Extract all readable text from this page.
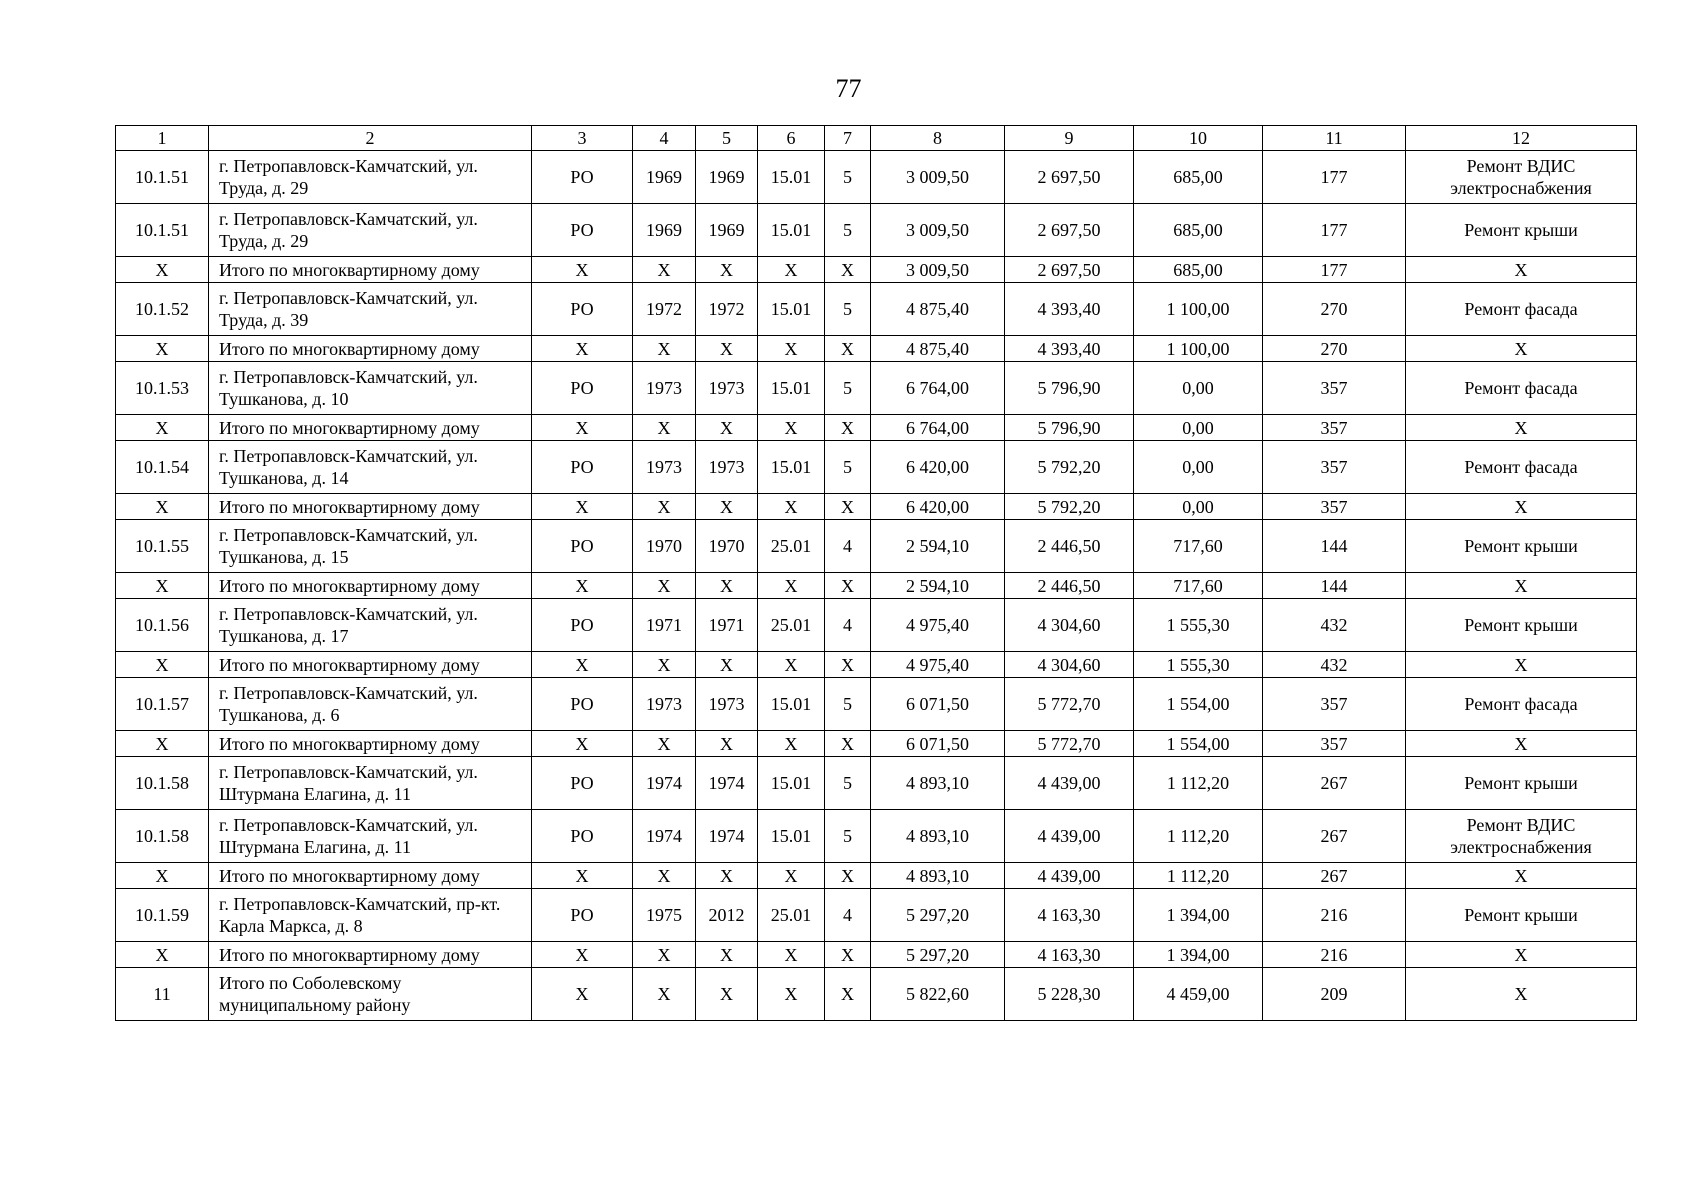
77
1	2	3	4	5	6	7	8	9	10	11	12
10.1.51	г. Петропавловск-Камчатский, ул. Труда, д. 29	РО	1969	1969	15.01	5	3 009,50	2 697,50	685,00	177	Ремонт ВДИС электроснабжения
10.1.51	г. Петропавловск-Камчатский, ул. Труда, д. 29	РО	1969	1969	15.01	5	3 009,50	2 697,50	685,00	177	Ремонт крыши
Х	Итого по многоквартирному дому	Х	Х	Х	Х	Х	3 009,50	2 697,50	685,00	177	Х
10.1.52	г. Петропавловск-Камчатский, ул. Труда, д. 39	РО	1972	1972	15.01	5	4 875,40	4 393,40	1 100,00	270	Ремонт фасада
Х	Итого по многоквартирному дому	Х	Х	Х	Х	Х	4 875,40	4 393,40	1 100,00	270	Х
10.1.53	г. Петропавловск-Камчатский, ул. Тушканова, д. 10	РО	1973	1973	15.01	5	6 764,00	5 796,90	0,00	357	Ремонт фасада
Х	Итого по многоквартирному дому	Х	Х	Х	Х	Х	6 764,00	5 796,90	0,00	357	Х
10.1.54	г. Петропавловск-Камчатский, ул. Тушканова, д. 14	РО	1973	1973	15.01	5	6 420,00	5 792,20	0,00	357	Ремонт фасада
Х	Итого по многоквартирному дому	Х	Х	Х	Х	Х	6 420,00	5 792,20	0,00	357	Х
10.1.55	г. Петропавловск-Камчатский, ул. Тушканова, д. 15	РО	1970	1970	25.01	4	2 594,10	2 446,50	717,60	144	Ремонт крыши
Х	Итого по многоквартирному дому	Х	Х	Х	Х	Х	2 594,10	2 446,50	717,60	144	Х
10.1.56	г. Петропавловск-Камчатский, ул. Тушканова, д. 17	РО	1971	1971	25.01	4	4 975,40	4 304,60	1 555,30	432	Ремонт крыши
Х	Итого по многоквартирному дому	Х	Х	Х	Х	Х	4 975,40	4 304,60	1 555,30	432	Х
10.1.57	г. Петропавловск-Камчатский, ул. Тушканова, д. 6	РО	1973	1973	15.01	5	6 071,50	5 772,70	1 554,00	357	Ремонт фасада
Х	Итого по многоквартирному дому	Х	Х	Х	Х	Х	6 071,50	5 772,70	1 554,00	357	Х
10.1.58	г. Петропавловск-Камчатский, ул. Штурмана Елагина, д. 11	РО	1974	1974	15.01	5	4 893,10	4 439,00	1 112,20	267	Ремонт крыши
10.1.58	г. Петропавловск-Камчатский, ул. Штурмана Елагина, д. 11	РО	1974	1974	15.01	5	4 893,10	4 439,00	1 112,20	267	Ремонт ВДИС электроснабжения
Х	Итого по многоквартирному дому	Х	Х	Х	Х	Х	4 893,10	4 439,00	1 112,20	267	Х
10.1.59	г. Петропавловск-Камчатский, пр-кт. Карла Маркса, д. 8	РО	1975	2012	25.01	4	5 297,20	4 163,30	1 394,00	216	Ремонт крыши
Х	Итого по многоквартирному дому	Х	Х	Х	Х	Х	5 297,20	4 163,30	1 394,00	216	Х
11	Итого по Соболевскому муниципальному району	Х	Х	Х	Х	Х	5 822,60	5 228,30	4 459,00	209	Х
